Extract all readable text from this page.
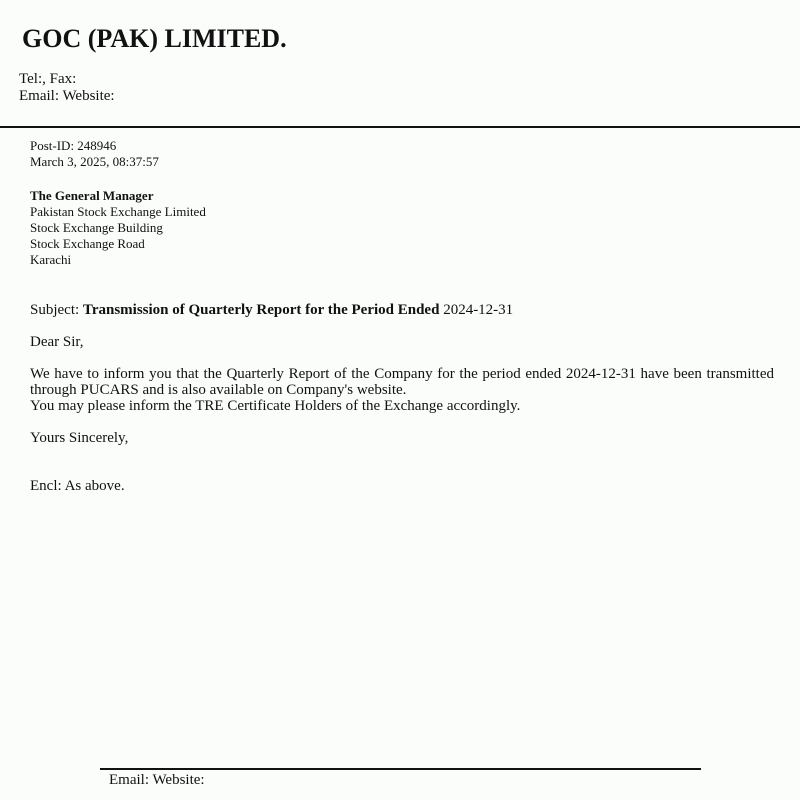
GOC (PAK) LIMITED.
Tel:, Fax:
Email: Website:
Post-ID: 248946
March 3, 2025, 08:37:57
The General Manager
Pakistan Stock Exchange Limited
Stock Exchange Building
Stock Exchange Road
Karachi

Subject: Transmission of Quarterly Report for the Period Ended 2024-12-31

Dear Sir,

We have to inform you that the Quarterly Report of the Company for the period ended 2024-12-31 have been transmitted through PUCARS and is also available on Company's website.
You may please inform the TRE Certificate Holders of the Exchange accordingly.

Yours Sincerely,

Encl: As above.

Email: Website:
